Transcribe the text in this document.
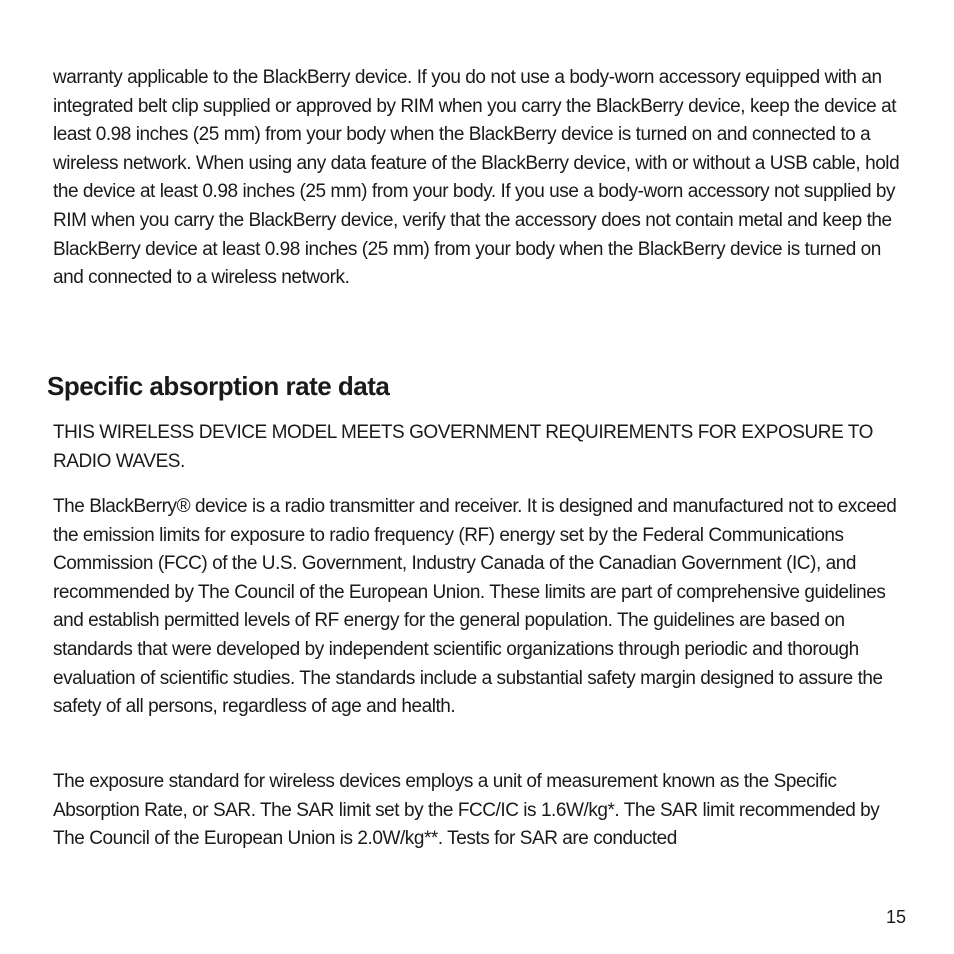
warranty applicable to the BlackBerry device. If you do not use a body-worn accessory equipped with an integrated belt clip supplied or approved by RIM when you carry the BlackBerry device, keep the device at least 0.98 inches (25 mm) from your body when the BlackBerry device is turned on and connected to a wireless network. When using any data feature of the BlackBerry device, with or without a USB cable, hold the device at least 0.98 inches (25 mm) from your body. If you use a body-worn accessory not supplied by RIM when you carry the BlackBerry device, verify that the accessory does not contain metal and keep the BlackBerry device at least 0.98 inches (25 mm) from your body when the BlackBerry device is turned on and connected to a wireless network.

Specific absorption rate data

THIS WIRELESS DEVICE MODEL MEETS GOVERNMENT REQUIREMENTS FOR EXPOSURE TO RADIO WAVES.

The BlackBerry® device is a radio transmitter and receiver. It is designed and manufactured not to exceed the emission limits for exposure to radio frequency (RF) energy set by the Federal Communications Commission (FCC) of the U.S. Government, Industry Canada of the Canadian Government (IC), and recommended by The Council of the European Union. These limits are part of comprehensive guidelines and establish permitted levels of RF energy for the general population. The guidelines are based on standards that were developed by independent scientific organizations through periodic and thorough evaluation of scientific studies. The standards include a substantial safety margin designed to assure the safety of all persons, regardless of age and health.

The exposure standard for wireless devices employs a unit of measurement known as the Specific Absorption Rate, or SAR. The SAR limit set by the FCC/IC is 1.6W/kg*. The SAR limit recommended by The Council of the European Union is 2.0W/kg**. Tests for SAR are conducted

15
